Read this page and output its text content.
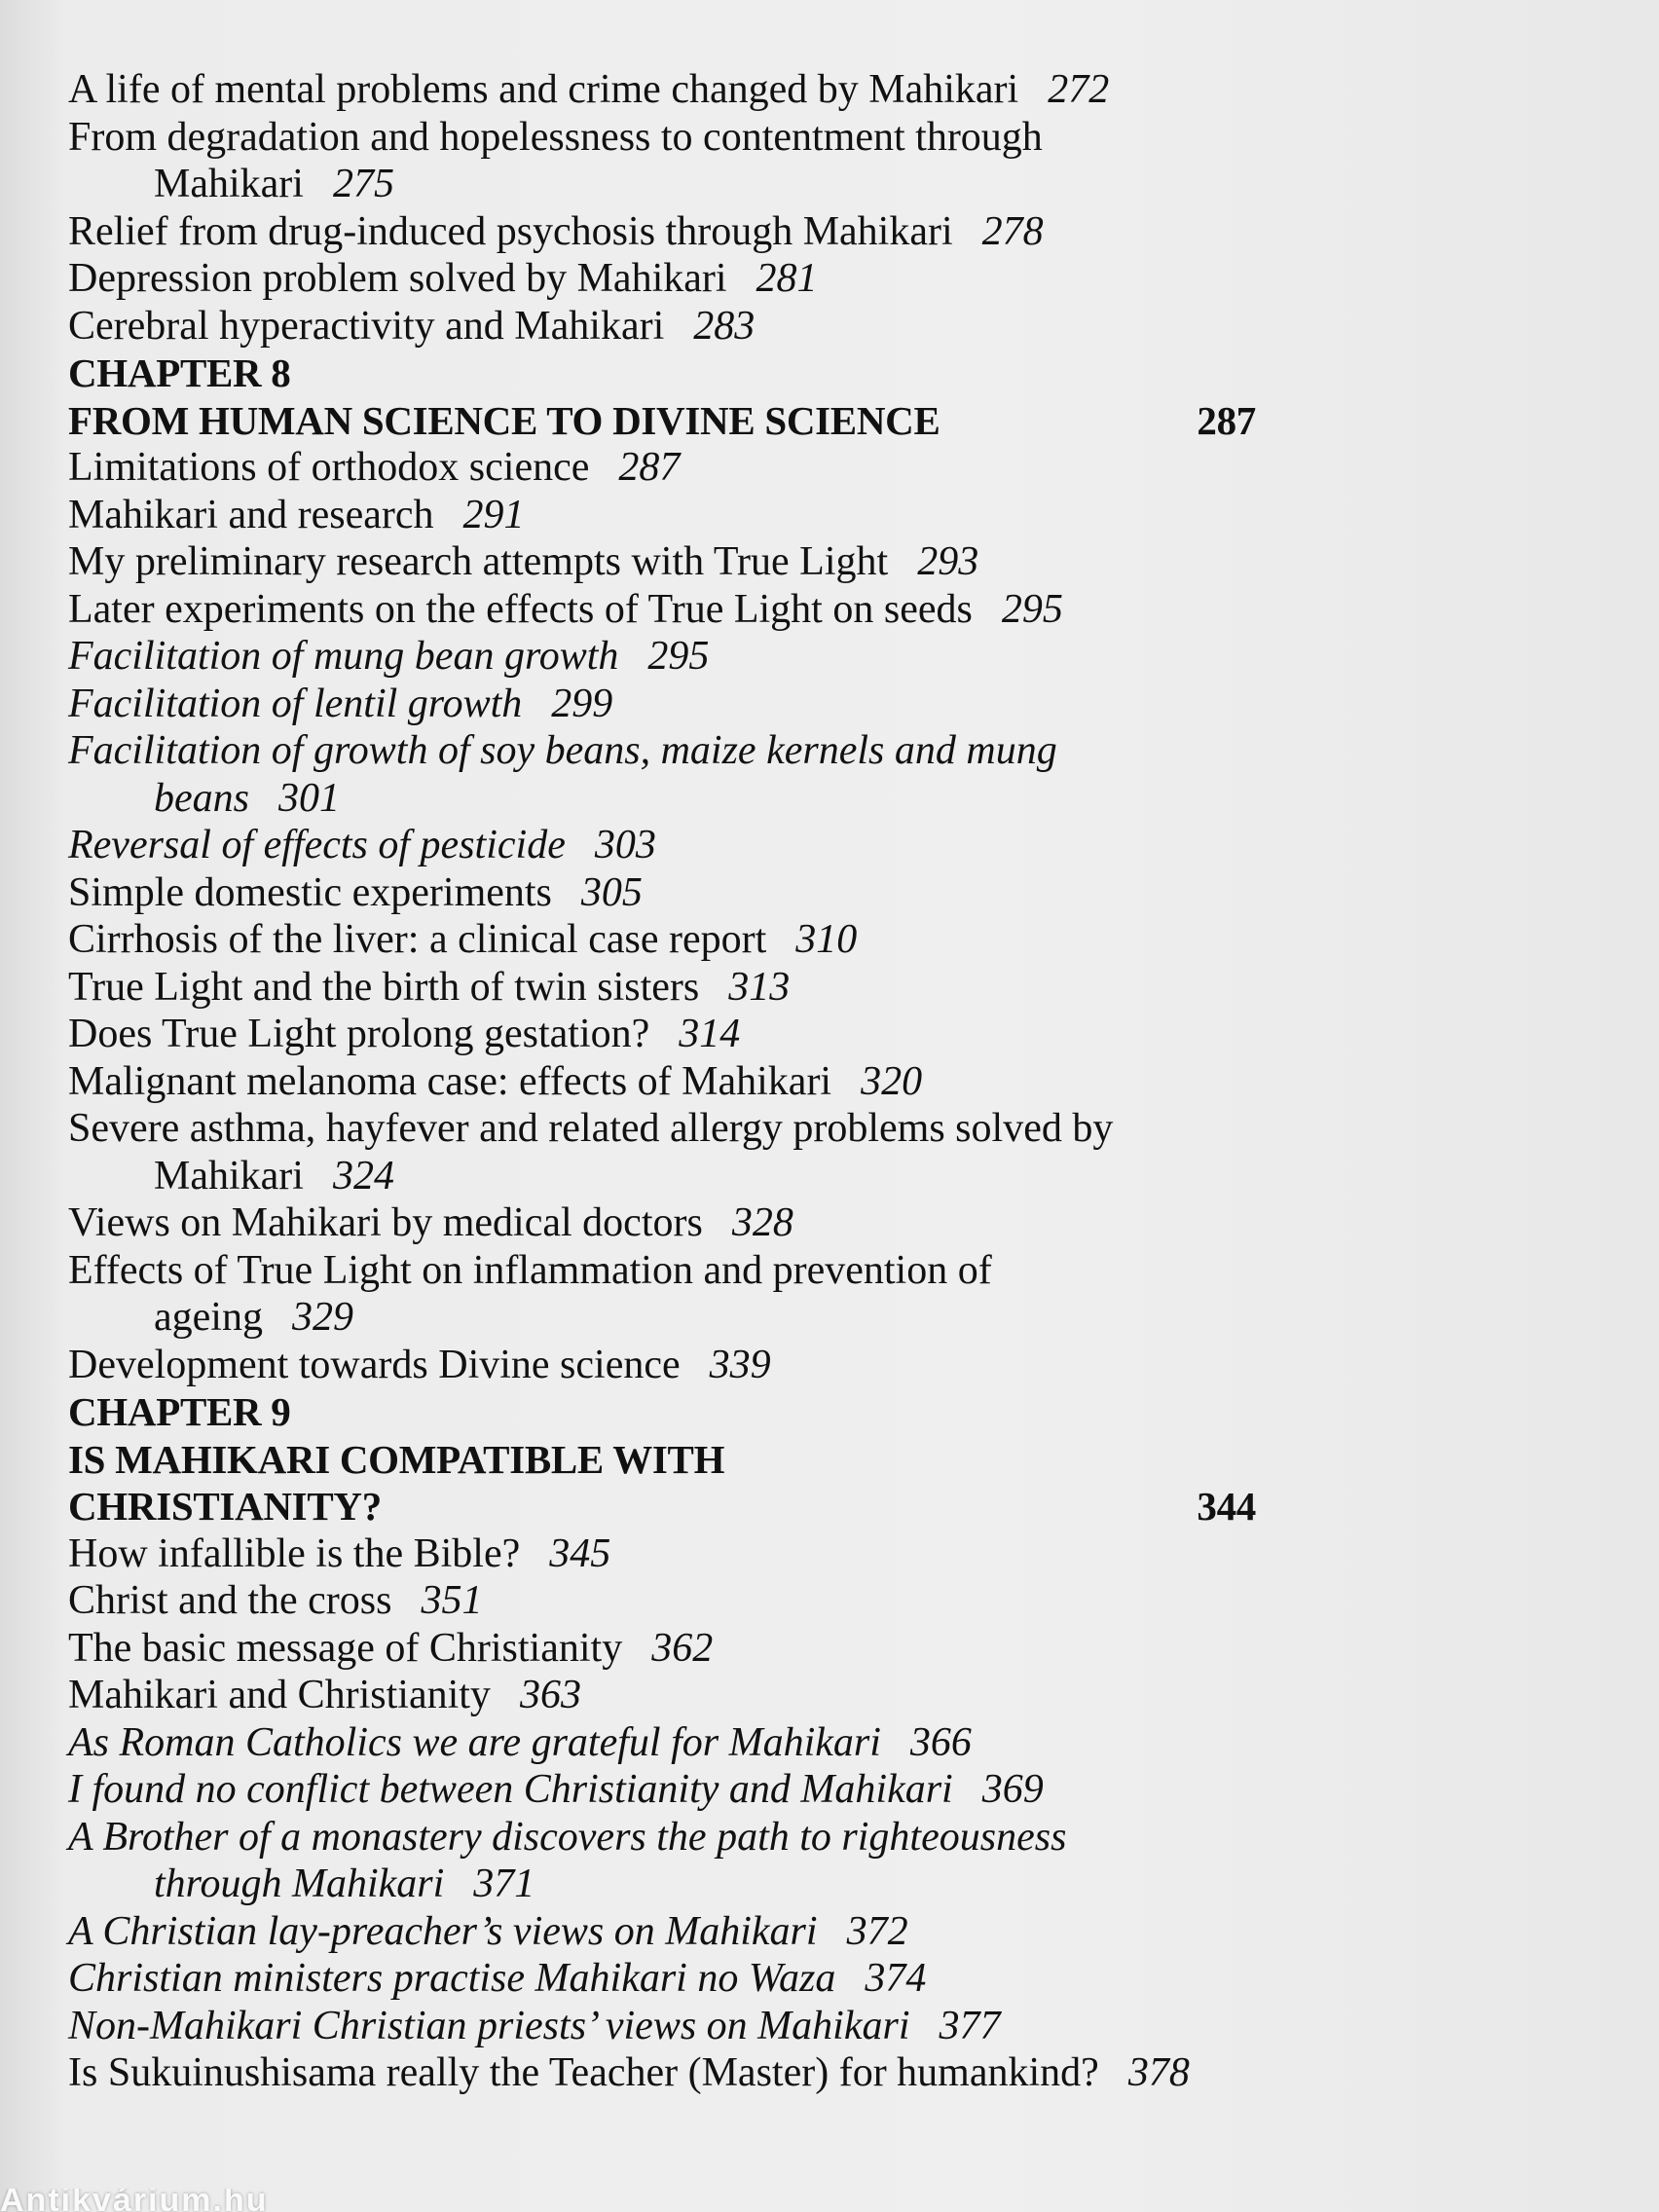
A life of mental problems and crime changed by Mahikari 272
From degradation and hopelessness to contentment through
Mahikari 275
Relief from drug-induced psychosis through Mahikari 278
Depression problem solved by Mahikari 281
Cerebral hyperactivity and Mahikari 283
CHAPTER 8
FROM HUMAN SCIENCE TO DIVINE SCIENCE	287
Limitations of orthodox science 287
Mahikari and research 291
My preliminary research attempts with True Light 293
Later experiments on the effects of True Light on seeds 295
Facilitation of mung bean growth 295
Facilitation of lentil growth 299
Facilitation of growth of soy beans, maize kernels and mung
beans 301
Reversal of effects of pesticide 303
Simple domestic experiments 305
Cirrhosis of the liver: a clinical case report 310
True Light and the birth of twin sisters 313
Does True Light prolong gestation? 314
Malignant melanoma case: effects of Mahikari 320
Severe asthma, hayfever and related allergy problems solved by
Mahikari 324
Views on Mahikari by medical doctors 328
Effects of True Light on inflammation and prevention of
ageing 329
Development towards Divine science 339
CHAPTER 9
IS MAHIKARI COMPATIBLE WITH
CHRISTIANITY?	344
How infallible is the Bible? 345
Christ and the cross 351
The basic message of Christianity 362
Mahikari and Christianity 363
As Roman Catholics we are grateful for Mahikari 366
I found no conflict between Christianity and Mahikari 369
A Brother of a monastery discovers the path to righteousness
through Mahikari 371
A Christian lay-preacher’s views on Mahikari 372
Christian ministers practise Mahikari no Waza 374
Non-Mahikari Christian priests’ views on Mahikari 377
Is Sukuinushisama really the Teacher (Master) for humankind? 378
Antikvárium.hu
